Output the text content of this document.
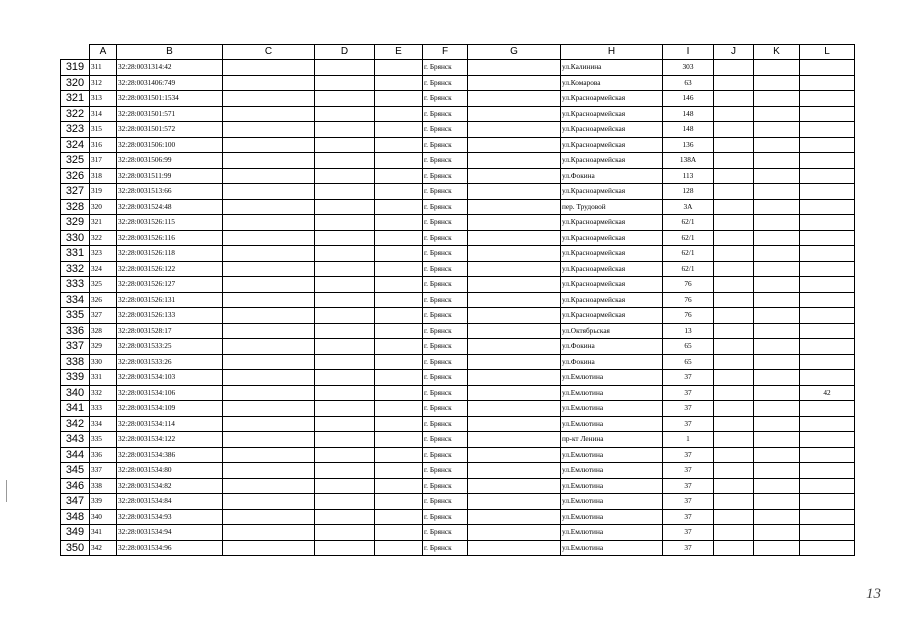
	A	B	C	D	E	F	G	H	I	J	K	L
319	311	32:28:0031314:42				г. Брянск		ул.Калинина	303			
320	312	32:28:0031406:749				г. Брянск		ул.Комарова	63			
321	313	32:28:0031501:1534				г. Брянск		ул.Красноармейская	146			
322	314	32:28:0031501:571				г. Брянск		ул.Красноармейская	148			
323	315	32:28:0031501:572				г. Брянск		ул.Красноармейская	148			
324	316	32:28:0031506:100				г. Брянск		ул.Красноармейская	136			
325	317	32:28:0031506:99				г. Брянск		ул.Красноармейская	138А			
326	318	32:28:0031511:99				г. Брянск		ул.Фокина	113			
327	319	32:28:0031513:66				г. Брянск		ул.Красноармейская	128			
328	320	32:28:0031524:48				г. Брянск		пер. Трудовой	3А			
329	321	32:28:0031526:115				г. Брянск		ул.Красноармейская	62/1			
330	322	32:28:0031526:116				г. Брянск		ул.Красноармейская	62/1			
331	323	32:28:0031526:118				г. Брянск		ул.Красноармейская	62/1			
332	324	32:28:0031526:122				г. Брянск		ул.Красноармейская	62/1			
333	325	32:28:0031526:127				г. Брянск		ул.Красноармейская	76			
334	326	32:28:0031526:131				г. Брянск		ул.Красноармейская	76			
335	327	32:28:0031526:133				г. Брянск		ул.Красноармейская	76			
336	328	32:28:0031528:17				г. Брянск		ул.Октябрьская	13			
337	329	32:28:0031533:25				г. Брянск		ул.Фокина	65			
338	330	32:28:0031533:26				г. Брянск		ул.Фокина	65			
339	331	32:28:0031534:103				г. Брянск		ул.Емлютина	37			
340	332	32:28:0031534:106				г. Брянск		ул.Емлютина	37			42
341	333	32:28:0031534:109				г. Брянск		ул.Емлютина	37			
342	334	32:28:0031534:114				г. Брянск		ул.Емлютина	37			
343	335	32:28:0031534:122				г. Брянск		пр-кт Ленина	1			
344	336	32:28:0031534:386				г. Брянск		ул.Емлютина	37			
345	337	32:28:0031534:80				г. Брянск		ул.Емлютина	37			
346	338	32:28:0031534:82				г. Брянск		ул.Емлютина	37			
347	339	32:28:0031534:84				г. Брянск		ул.Емлютина	37			
348	340	32:28:0031534:93				г. Брянск		ул.Емлютина	37			
349	341	32:28:0031534:94				г. Брянск		ул.Емлютина	37			
350	342	32:28:0031534:96				г. Брянск		ул.Емлютина	37			
13
